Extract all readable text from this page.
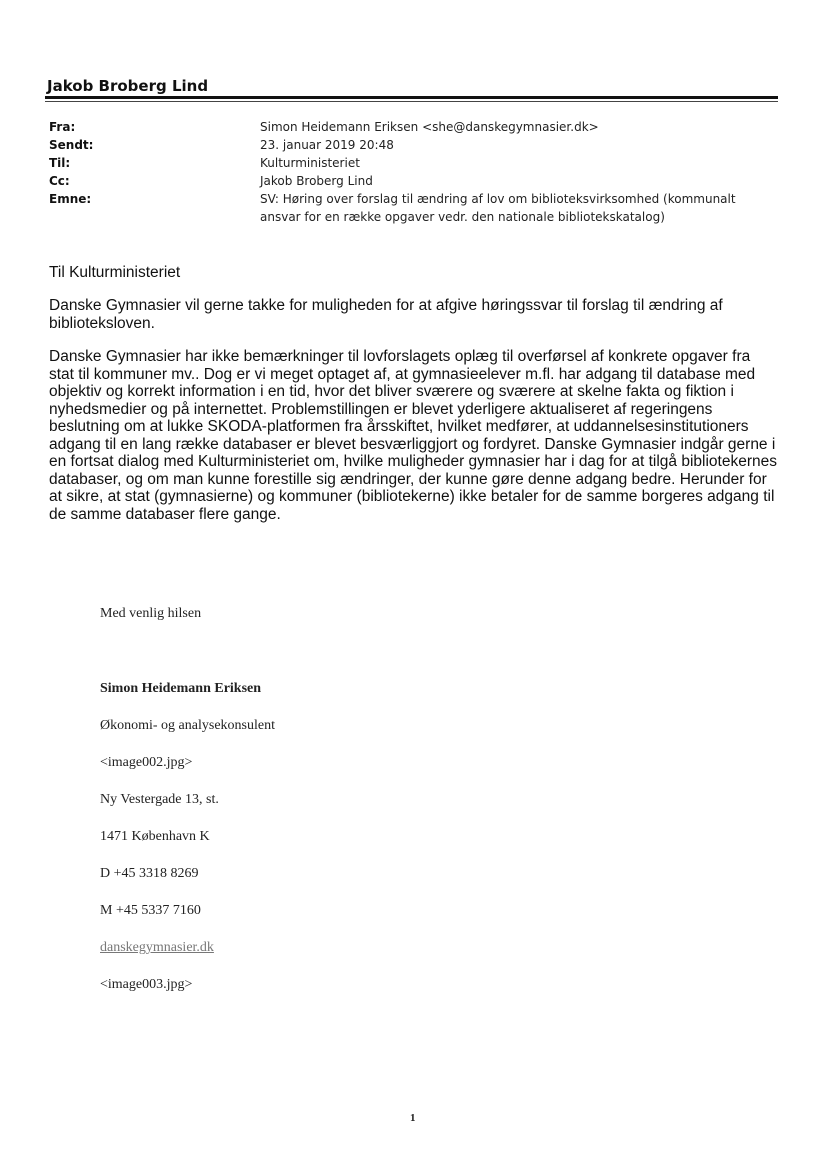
Jakob Broberg Lind
Fra:	Simon Heidemann Eriksen <she@danskegymnasier.dk>
Sendt:	23. januar 2019 20:48
Til:	Kulturministeriet
Cc:	Jakob Broberg Lind
Emne:	SV: Høring over forslag til ændring af lov om biblioteksvirksomhed (kommunalt ansvar for en række opgaver vedr. den nationale bibliotekskatalog)

Til Kulturministeriet

Danske Gymnasier vil gerne takke for muligheden for at afgive høringssvar til forslag til ændring af biblioteksloven.

Danske Gymnasier har ikke bemærkninger til lovforslagets oplæg til overførsel af konkrete opgaver fra stat til kommuner mv.. Dog er vi meget optaget af, at gymnasieelever m.fl. har adgang til database med objektiv og korrekt information i en tid, hvor det bliver sværere og sværere at skelne fakta og fiktion i nyhedsmedier og på internettet. Problemstillingen er blevet yderligere aktualiseret af regeringens beslutning om at lukke SKODA-platformen fra årsskiftet, hvilket medfører, at uddannelsesinstitutioners adgang til en lang række databaser er blevet besværliggjort og fordyret. Danske Gymnasier indgår gerne i en fortsat dialog med Kulturministeriet om, hvilke muligheder gymnasier har i dag for at tilgå bibliotekernes databaser, og om man kunne forestille sig ændringer, der kunne gøre denne adgang bedre. Herunder for at sikre, at stat (gymnasierne) og kommuner (bibliotekerne) ikke betaler for de samme borgeres adgang til de samme databaser flere gange.

Med venlig hilsen
Simon Heidemann Eriksen
Økonomi- og analysekonsulent
<image002.jpg>
Ny Vestergade 13, st.
1471 København K
D +45 3318 8269
M +45 5337 7160
danskegymnasier.dk
<image003.jpg>
1
